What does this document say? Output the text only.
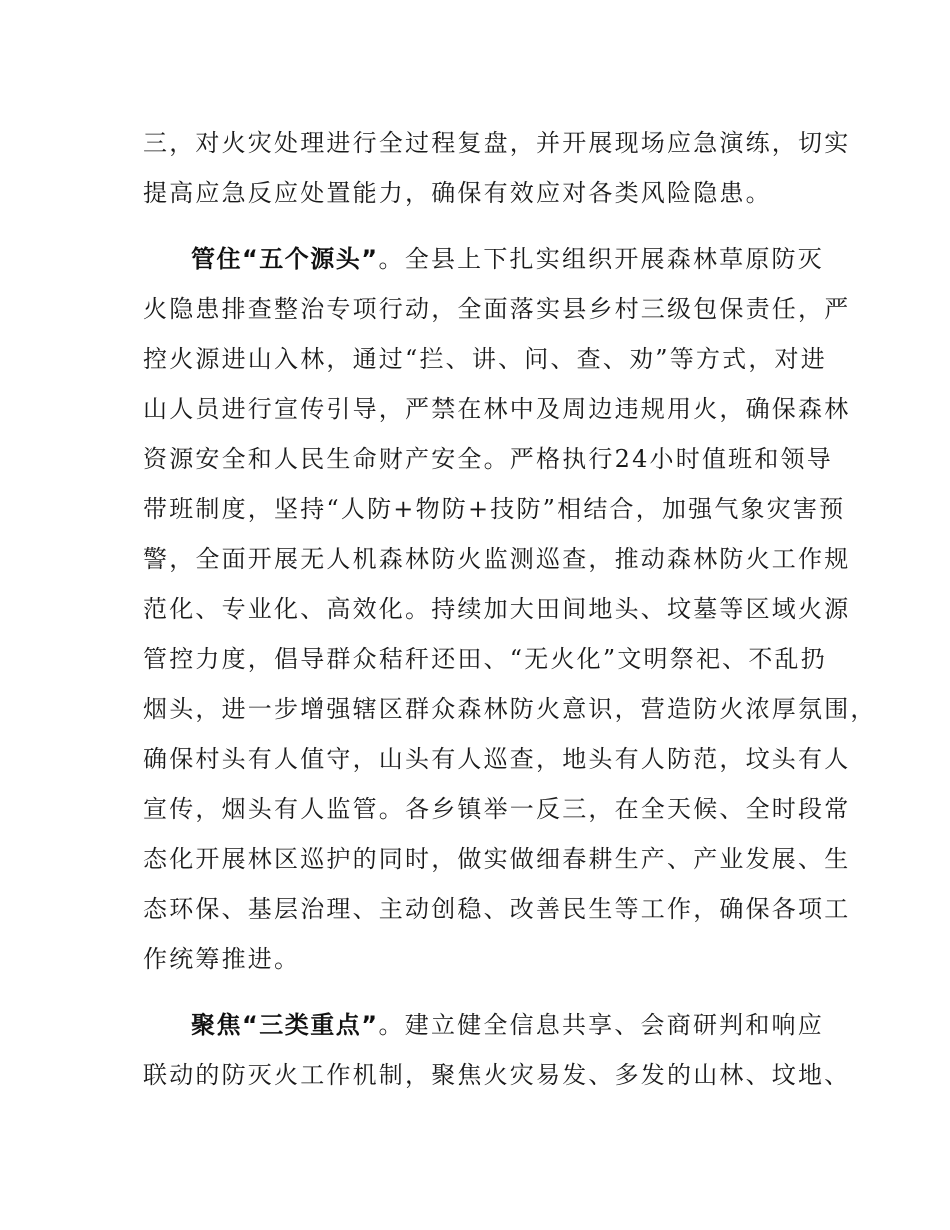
三，对火灾处理进行全过程复盘，并开展现场应急演练，切实

提高应急反应处置能力，确保有效应对各类风险隐患。

管住“五个源头”。全县上下扎实组织开展森林草原防灭

火隐患排查整治专项行动，全面落实县乡村三级包保责任，严

控火源进山入林，通过“拦、讲、问、查、劝”等方式，对进

山人员进行宣传引导，严禁在林中及周边违规用火，确保森林

资源安全和人民生命财产安全。严格执行24小时值班和领导

带班制度，坚持“人防+物防+技防”相结合，加强气象灾害预

警，全面开展无人机森林防火监测巡查，推动森林防火工作规

范化、专业化、高效化。持续加大田间地头、坟墓等区域火源

管控力度，倡导群众秸秆还田、“无火化”文明祭祀、不乱扔

烟头，进一步增强辖区群众森林防火意识，营造防火浓厚氛围，

确保村头有人值守，山头有人巡查，地头有人防范，坟头有人

宣传，烟头有人监管。各乡镇举一反三，在全天候、全时段常

态化开展林区巡护的同时，做实做细春耕生产、产业发展、生

态环保、基层治理、主动创稳、改善民生等工作，确保各项工

作统筹推进。

聚焦“三类重点”。建立健全信息共享、会商研判和响应

联动的防灭火工作机制，聚焦火灾易发、多发的山林、坟地、
